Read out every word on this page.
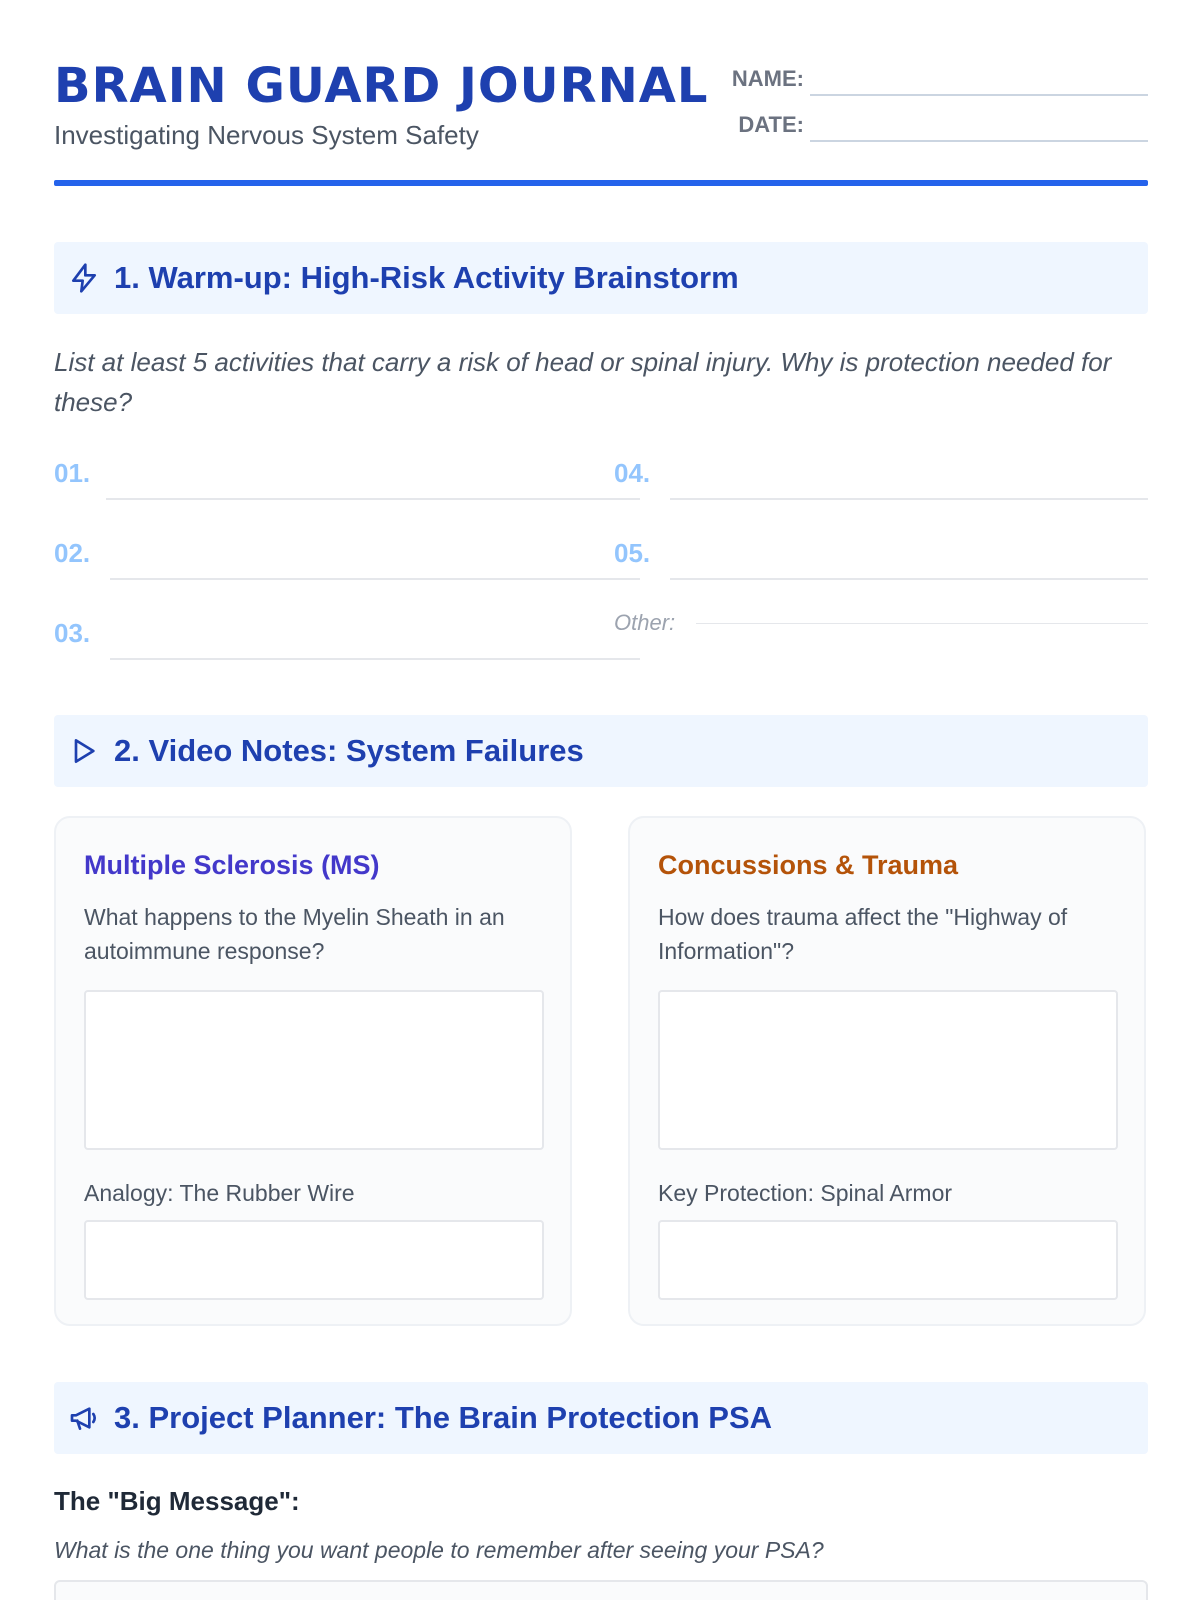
BRAIN GUARD JOURNAL
Investigating Nervous System Safety
NAME:
DATE:
1. Warm-up: High-Risk Activity Brainstorm
List at least 5 activities that carry a risk of head or spinal injury. Why is protection needed for these?
01.
02.
03.
04.
05.
Other:
2. Video Notes: System Failures
Multiple Sclerosis (MS)
What happens to the Myelin Sheath in an autoimmune response?
Analogy: The Rubber Wire
Concussions & Trauma
How does trauma affect the "Highway of Information"?
Key Protection: Spinal Armor
3. Project Planner: The Brain Protection PSA
The "Big Message":
What is the one thing you want people to remember after seeing your PSA?
